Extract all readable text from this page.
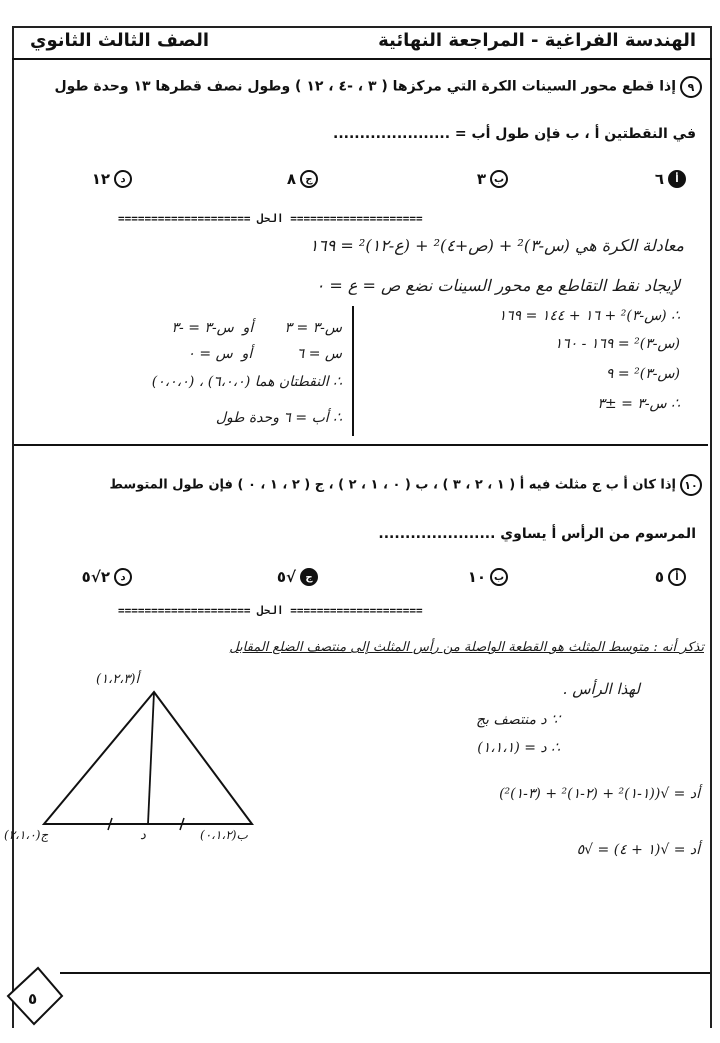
الهندسة الفراغية - المراجعة النهائية
الصف الثالث الثانوي
٩إذا قطع محور السينات الكرة التي مركزها ( ٣ ، -٤ ، ١٢ ) وطول نصف قطرها ١٣ وحدة طول
في النقطتين أ ، ب فإن طول أب = ......................
أ
٦
ب
٣
ج
٨
د
١٢
==================== الحل ====================
معادلة الكرة هي (س-٣)² + (ص+٤)² + (ع-١٢)² = ١٦٩
لإيجاد نقط التقاطع مع محور السينات نضع ص = ع = ٠
∴ (س-٣)² + ١٦ + ١٤٤ = ١٦٩
(س-٣)² = ١٦٩ - ١٦٠
(س-٣)² = ٩
∴ س-٣ = ±٣
س-٣ = ٣       أو  س-٣ = -٣
س = ٦          أو  س = ٠
∴ النقطتان هما (٦،٠،٠) ، (٠،٠،٠)
∴ أب = ٦ وحدة طول
١٠إذا كان أ ب ج مثلث فيه أ ( ١ ، ٢ ، ٣ ) ، ب ( ٠ ، ١ ، ٢ ) ، ج ( ٢ ، ١ ، ٠ ) فإن طول المتوسط
المرسوم من الرأس أ يساوي ......................
أ
٥
ب
١٠
ج
√٥
د
٢√٥
==================== الحل ====================
تذكر أنه : متوسط المثلث هو القطعة الواصلة من رأس المثلث إلى منتصف الضلع المقابل
لهذا الرأس .
أ(١،٢،٣)
ج(٢،١،٠)	ب(٠،١،٢)
د
∵ د منتصف بج
∴ د = (١،١،١)
أد = √((١-١)² + (٢-١)² + (٣-١)²)
أد = √(١ + ٤) = √٥
٥
